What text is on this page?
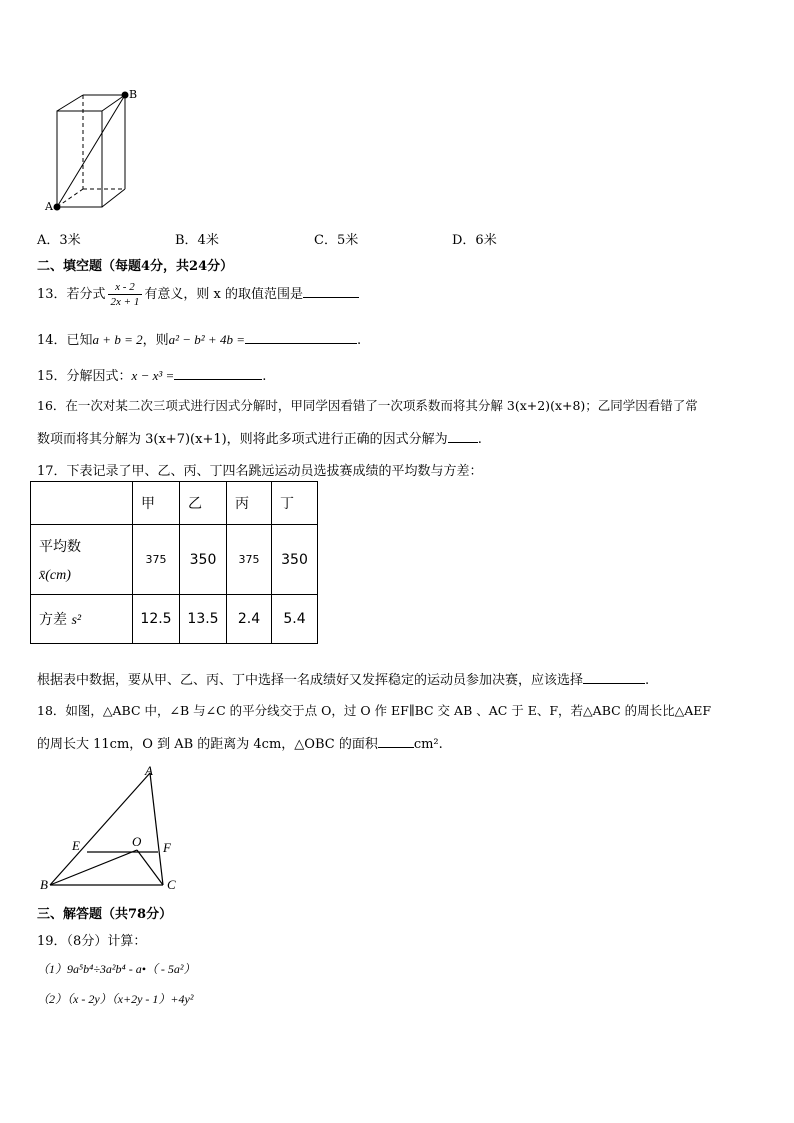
A
B
A．3米	B．4米	C．5米	D．6米
二、填空题（每题4分，共24分）
13．若分式 $\frac{x - 2}{2x + 1}$ 有意义，则 x 的取值范围是
14．已知a + b = 2，则a² − b² + 4b =	.
15．分解因式：x − x³ =	.
16．在一次对某二次三项式进行因式分解时，甲同学因看错了一次项系数而将其分解 3(x+2)(x+8)；乙同学因看错了常
数项而将其分解为 3(x+7)(x+1)，则将此多项式进行正确的因式分解为 .
17．下表记录了甲、乙、丙、丁四名跳远运动员选拔赛成绩的平均数与方差：
	甲	乙	丙	丁

平均数
x̄(cm)	375	350	375	350
方差 s²	12.5	13.5	2.4	5.4
根据表中数据，要从甲、乙、丙、丁中选择一名成绩好又发挥稳定的运动员参加决赛，应该选择	.
18．如图，△ABC 中，∠B 与∠C 的平分线交于点 O，过 O 作 EF∥BC 交 AB 、AC 于 E、F，若△ABC 的周长比△AEF
的周长大 11cm，O 到 AB 的距离为 4cm，△OBC 的面积	cm².
A
B	C
E	F
O
三、解答题（共78分）
19．（8分）计算：
（1）9a⁵b⁴÷3a²b⁴ - a•（ - 5a²）
（2）（x - 2y）（x+2y - 1）+4y²
